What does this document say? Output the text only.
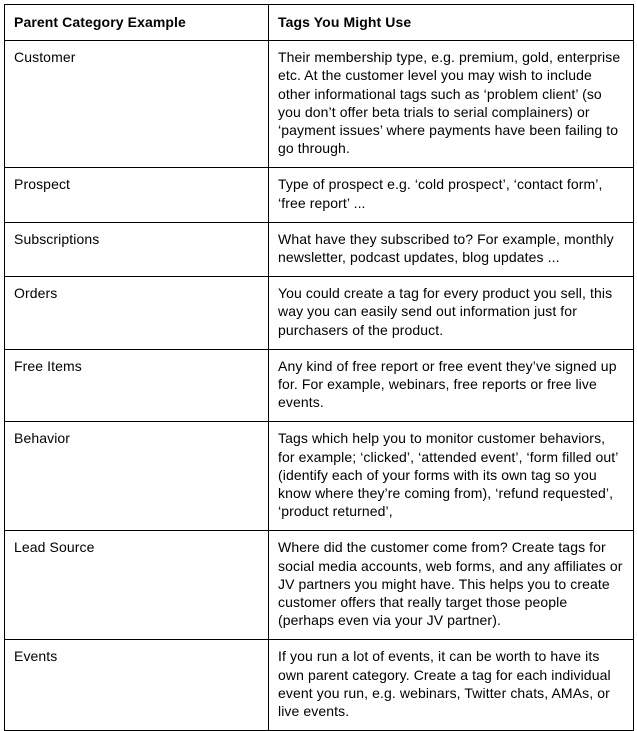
Parent Category Example	Tags You Might Use
Customer	Their membership type, e.g. premium, gold, enterprise etc. At the customer level you may wish to include other informational tags such as ‘problem client’ (so you don’t offer beta trials to serial complainers) or ‘payment issues’ where payments have been failing to go through.
Prospect	Type of prospect e.g. ‘cold prospect’, ‘contact form’, ‘free report’ ...
Subscriptions	What have they subscribed to? For example, monthly newsletter, podcast updates, blog updates ...
Orders	You could create a tag for every product you sell, this way you can easily send out information just for purchasers of the product.
Free Items	Any kind of free report or free event they’ve signed up for. For example, webinars, free reports or free live events.
Behavior	Tags which help you to monitor customer behaviors, for example; ‘clicked’, ‘attended event’, ‘form filled out’ (identify each of your forms with its own tag so you know where they’re coming from), ‘refund requested’, ‘product returned’,
Lead Source	Where did the customer come from? Create tags for social media accounts, web forms, and any affiliates or JV partners you might have. This helps you to create customer offers that really target those people (perhaps even via your JV partner).
Events	If you run a lot of events, it can be worth to have its own parent category. Create a tag for each individual event you run, e.g. webinars, Twitter chats, AMAs, or live events.
